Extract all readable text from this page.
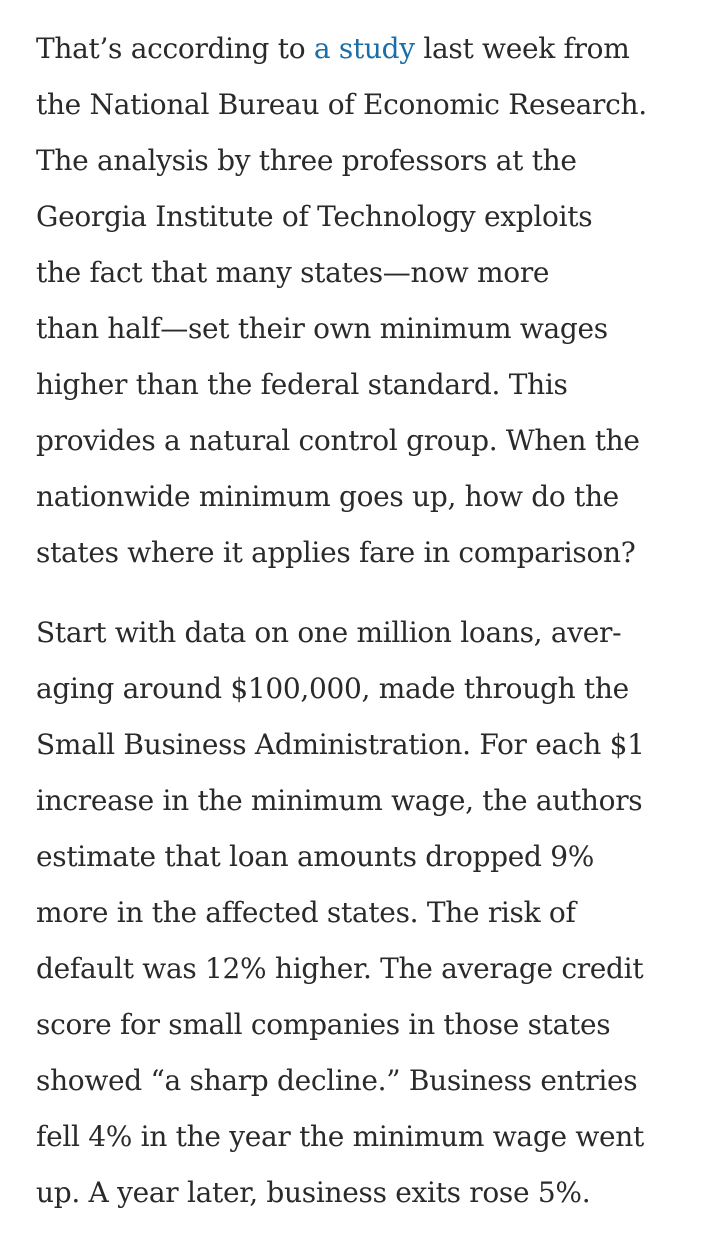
That’s according to a study last week from
the National Bureau of Economic Research.
The analysis by three professors at the
Georgia Institute of Technology exploits
the fact that many states—now more
than half—set their own minimum wages
higher than the federal standard. This
provides a natural control group. When the
nationwide minimum goes up, how do the
states where it applies fare in comparison?

Start with data on one million loans, aver-
aging around $100,000, made through the
Small Business Administration. For each $1
increase in the minimum wage, the authors
estimate that loan amounts dropped 9%
more in the affected states. The risk of
default was 12% higher. The average credit
score for small companies in those states
showed “a sharp decline.” Business entries
fell 4% in the year the minimum wage went
up. A year later, business exits rose 5%.
